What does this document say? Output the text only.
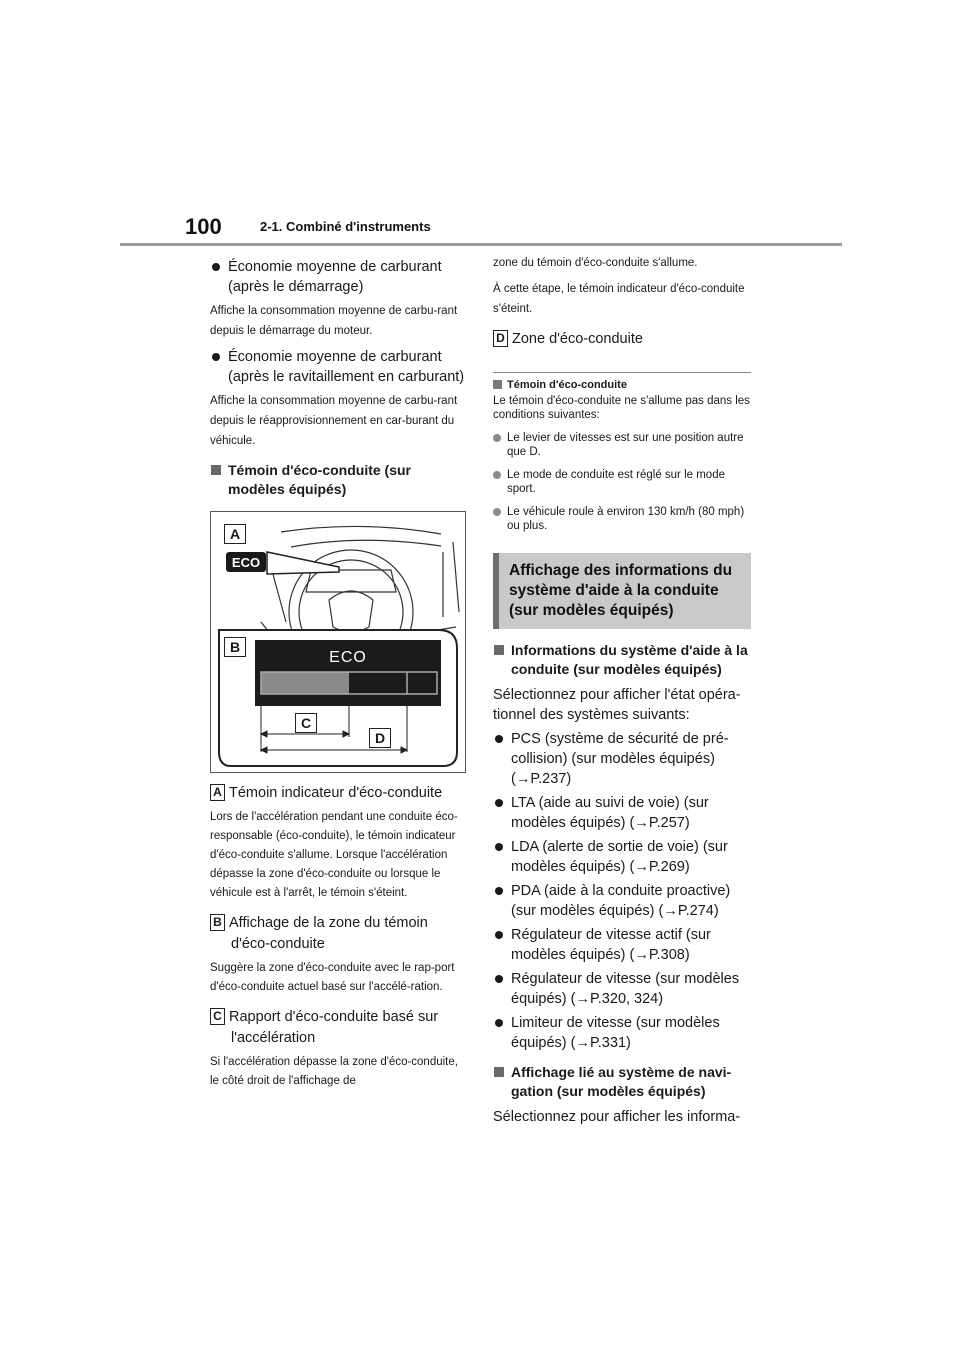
100	2-1. Combiné d'instruments
Économie moyenne de carburant (après le démarrage)

Affiche la consommation moyenne de carbu-rant depuis le démarrage du moteur.

Économie moyenne de carburant (après le ravitaillement en carburant)

Affiche la consommation moyenne de carbu-rant depuis le réapprovisionnement en car-burant du véhicule.

Témoin d'éco-conduite (sur modèles équipés)
A
ECO
B
ECO
C
D
A Témoin indicateur d'éco-conduite

Lors de l'accélération pendant une conduite éco-responsable (éco-conduite), le témoin indicateur d'éco-conduite s'allume. Lorsque l'accélération dépasse la zone d'éco-conduite ou lorsque le véhicule est à l'arrêt, le témoin s'éteint.

B Affichage de la zone du témoin
d'éco-conduite

Suggère la zone d'éco-conduite avec le rap-port d'éco-conduite actuel basé sur l'accélé-ration.

C Rapport d'éco-conduite basé sur
l'accélération

Si l'accélération dépasse la zone d'éco-conduite, le côté droit de l'affichage de

zone du témoin d'éco-conduite s'allume.

À cette étape, le témoin indicateur d'éco-conduite s'éteint.

D Zone d'éco-conduite
Témoin d'éco-conduite
Le témoin d'éco-conduite ne s'allume pas dans les conditions suivantes:
Le levier de vitesses est sur une position autre que D.
Le mode de conduite est réglé sur le mode sport.
Le véhicule roule à environ 130 km/h (80 mph) ou plus.
Affichage des informations du système d'aide à la conduite (sur modèles équipés)
Informations du système d'aide à la conduite (sur modèles équipés)
Sélectionnez pour afficher l'état opéra-tionnel des systèmes suivants:
PCS (système de sécurité de pré-collision) (sur modèles équipés) (→P.237)
LTA (aide au suivi de voie) (sur modèles équipés) (→P.257)
LDA (alerte de sortie de voie) (sur modèles équipés) (→P.269)
PDA (aide à la conduite proactive) (sur modèles équipés) (→P.274)
Régulateur de vitesse actif (sur modèles équipés) (→P.308)
Régulateur de vitesse (sur modèles équipés) (→P.320, 324)
Limiteur de vitesse (sur modèles équipés) (→P.331)
Affichage lié au système de navi-gation (sur modèles équipés)
Sélectionnez pour afficher les informa-
